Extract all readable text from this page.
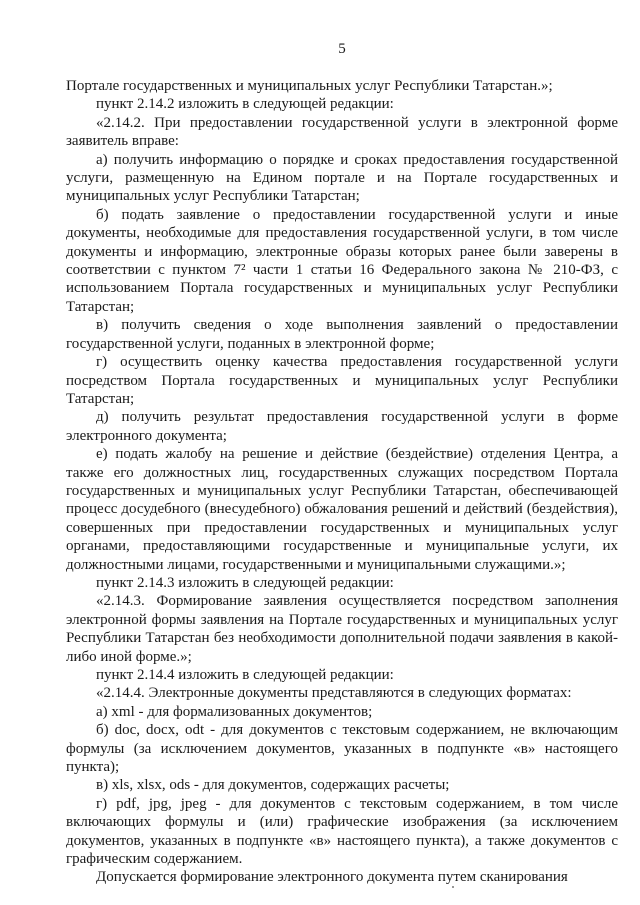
5

Портале государственных и муниципальных услуг Республики Татарстан.»;

пункт 2.14.2 изложить в следующей редакции:

«2.14.2. При предоставлении государственной услуги в электронной форме заявитель вправе:

а) получить информацию о порядке и сроках предоставления государственной услуги, размещенную на Едином портале и на Портале государственных и муниципальных услуг Республики Татарстан;

б) подать заявление о предоставлении государственной услуги и иные документы, необходимые для предоставления государственной услуги, в том числе документы и информацию, электронные образы которых ранее были заверены в соответствии с пунктом 7² части 1 статьи 16 Федерального закона № 210-ФЗ, с использованием Портала государственных и муниципальных услуг Республики Татарстан;

в) получить сведения о ходе выполнения заявлений о предоставлении государственной услуги, поданных в электронной форме;

г) осуществить оценку качества предоставления государственной услуги посредством Портала государственных и муниципальных услуг Республики Татарстан;

д) получить результат предоставления государственной услуги в форме электронного документа;

е) подать жалобу на решение и действие (бездействие) отделения Центра, а также его должностных лиц, государственных служащих посредством Портала государственных и муниципальных услуг Республики Татарстан, обеспечивающей процесс досудебного (внесудебного) обжалования решений и действий (бездействия), совершенных при предоставлении государственных и муниципальных услуг органами, предоставляющими государственные и муниципальные услуги, их должностными лицами, государственными и муниципальными служащими.»;

пункт 2.14.3 изложить в следующей редакции:

«2.14.3. Формирование заявления осуществляется посредством заполнения электронной формы заявления на Портале государственных и муниципальных услуг Республики Татарстан без необходимости дополнительной подачи заявления в какой-либо иной форме.»;

пункт 2.14.4 изложить в следующей редакции:

«2.14.4. Электронные документы представляются в следующих форматах:

а) xml - для формализованных документов;

б) doc, docx, odt - для документов с текстовым содержанием, не включающим формулы (за исключением документов, указанных в подпункте «в» настоящего пункта);

в) xls, xlsx, ods - для документов, содержащих расчеты;

г) pdf, jpg, jpeg - для документов с текстовым содержанием, в том числе включающих формулы и (или) графические изображения (за исключением документов, указанных в подпункте «в» настоящего пункта), а также документов с графическим содержанием.

Допускается формирование электронного документа путем сканирования
